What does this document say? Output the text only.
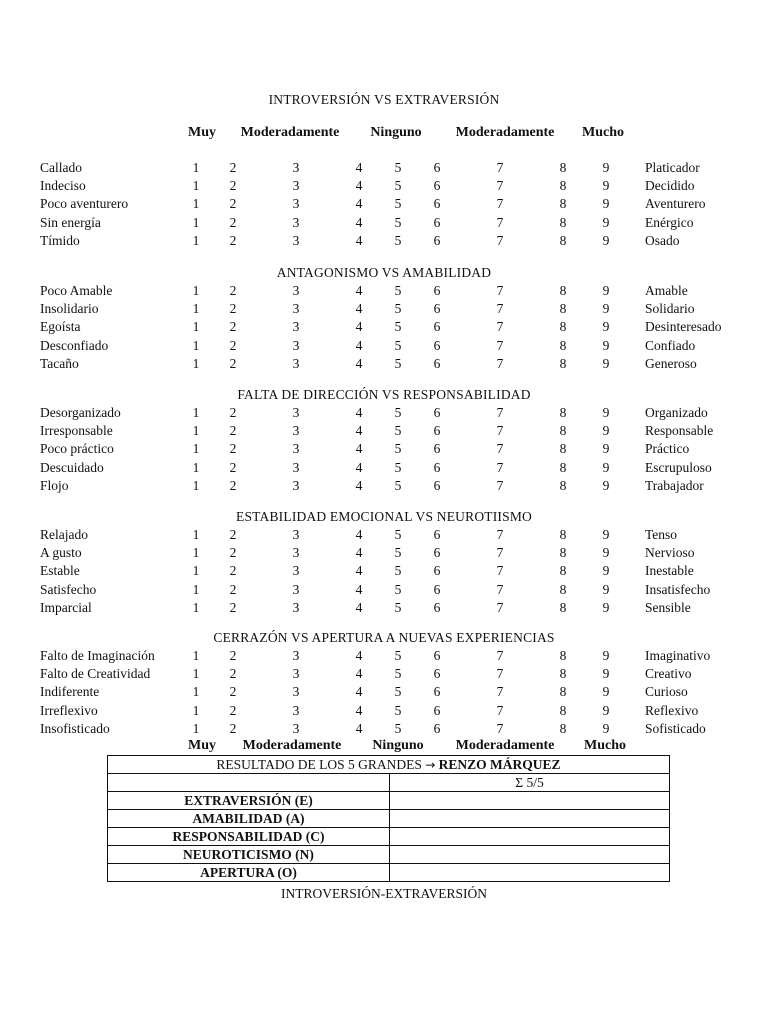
INTROVERSIÓN VS EXTRAVERSIÓN
Muy Moderadamente Ninguno Moderadamente Mucho
Callado	1 2	3	4 5 6	7	8	9	Platicador
Indeciso	1 2	3	4 5 6	7	8	9	Decidido
Poco aventurero	1 2	3	4 5 6	7	8	9	Aventurero
Sin energía	1 2	3	4 5 6	7	8	9	Enérgico
Tímido	1 2	3	4 5 6	7	8	9	Osado
ANTAGONISMO VS AMABILIDAD
Poco Amable	1 2	3	4 5 6	7	8	9	Amable
Insolidario	1 2	3	4 5 6	7	8	9	Solidario
Egoísta	1 2	3	4 5 6	7	8	9	Desinteresado
Desconfiado	1 2	3	4 5 6	7	8	9	Confiado
Tacaño	1 2	3	4 5 6	7	8	9	Generoso
FALTA DE DIRECCIÓN VS RESPONSABILIDAD
Desorganizado	1 2	3	4 5 6	7	8	9	Organizado
Irresponsable	1 2	3	4 5 6	7	8	9	Responsable
Poco práctico	1 2	3	4 5 6	7	8	9	Práctico
Descuidado	1 2	3	4 5 6	7	8	9	Escrupuloso
Flojo	1 2	3	4 5 6	7	8	9	Trabajador
ESTABILIDAD EMOCIONAL VS NEUROTIISMO
Relajado	1 2	3	4 5 6	7	8	9	Tenso
A gusto	1 2	3	4 5 6	7	8	9	Nervioso
Estable	1 2	3	4 5 6	7	8	9	Inestable
Satisfecho	1 2	3	4 5 6	7	8	9	Insatisfecho
Imparcial	1 2	3	4 5 6	7	8	9	Sensible
CERRAZÓN VS APERTURA A NUEVAS EXPERIENCIAS
Falto de Imaginación	1 2	3	4 5 6	7	8	9	Imaginativo
Falto de Creatividad	1 2	3	4 5 6	7	8	9	Creativo
Indiferente	1 2	3	4 5 6	7	8	9	Curioso
Irreflexivo	1 2	3	4 5 6	7	8	9	Reflexivo
Insofisticado	1 2	3	4 5 6	7	8	9	Sofisticado
Muy Moderadamente Ninguno Moderadamente Mucho
RESULTADO DE LOS 5 GRANDES → RENZO MÁRQUEZ	
	Σ 5/5
EXTRAVERSIÓN (E)	
AMABILIDAD (A)	
RESPONSABILIDAD (C)	
NEUROTICISMO (N)	
APERTURA (O)	
INTROVERSIÓN-EXTRAVERSIÓN
